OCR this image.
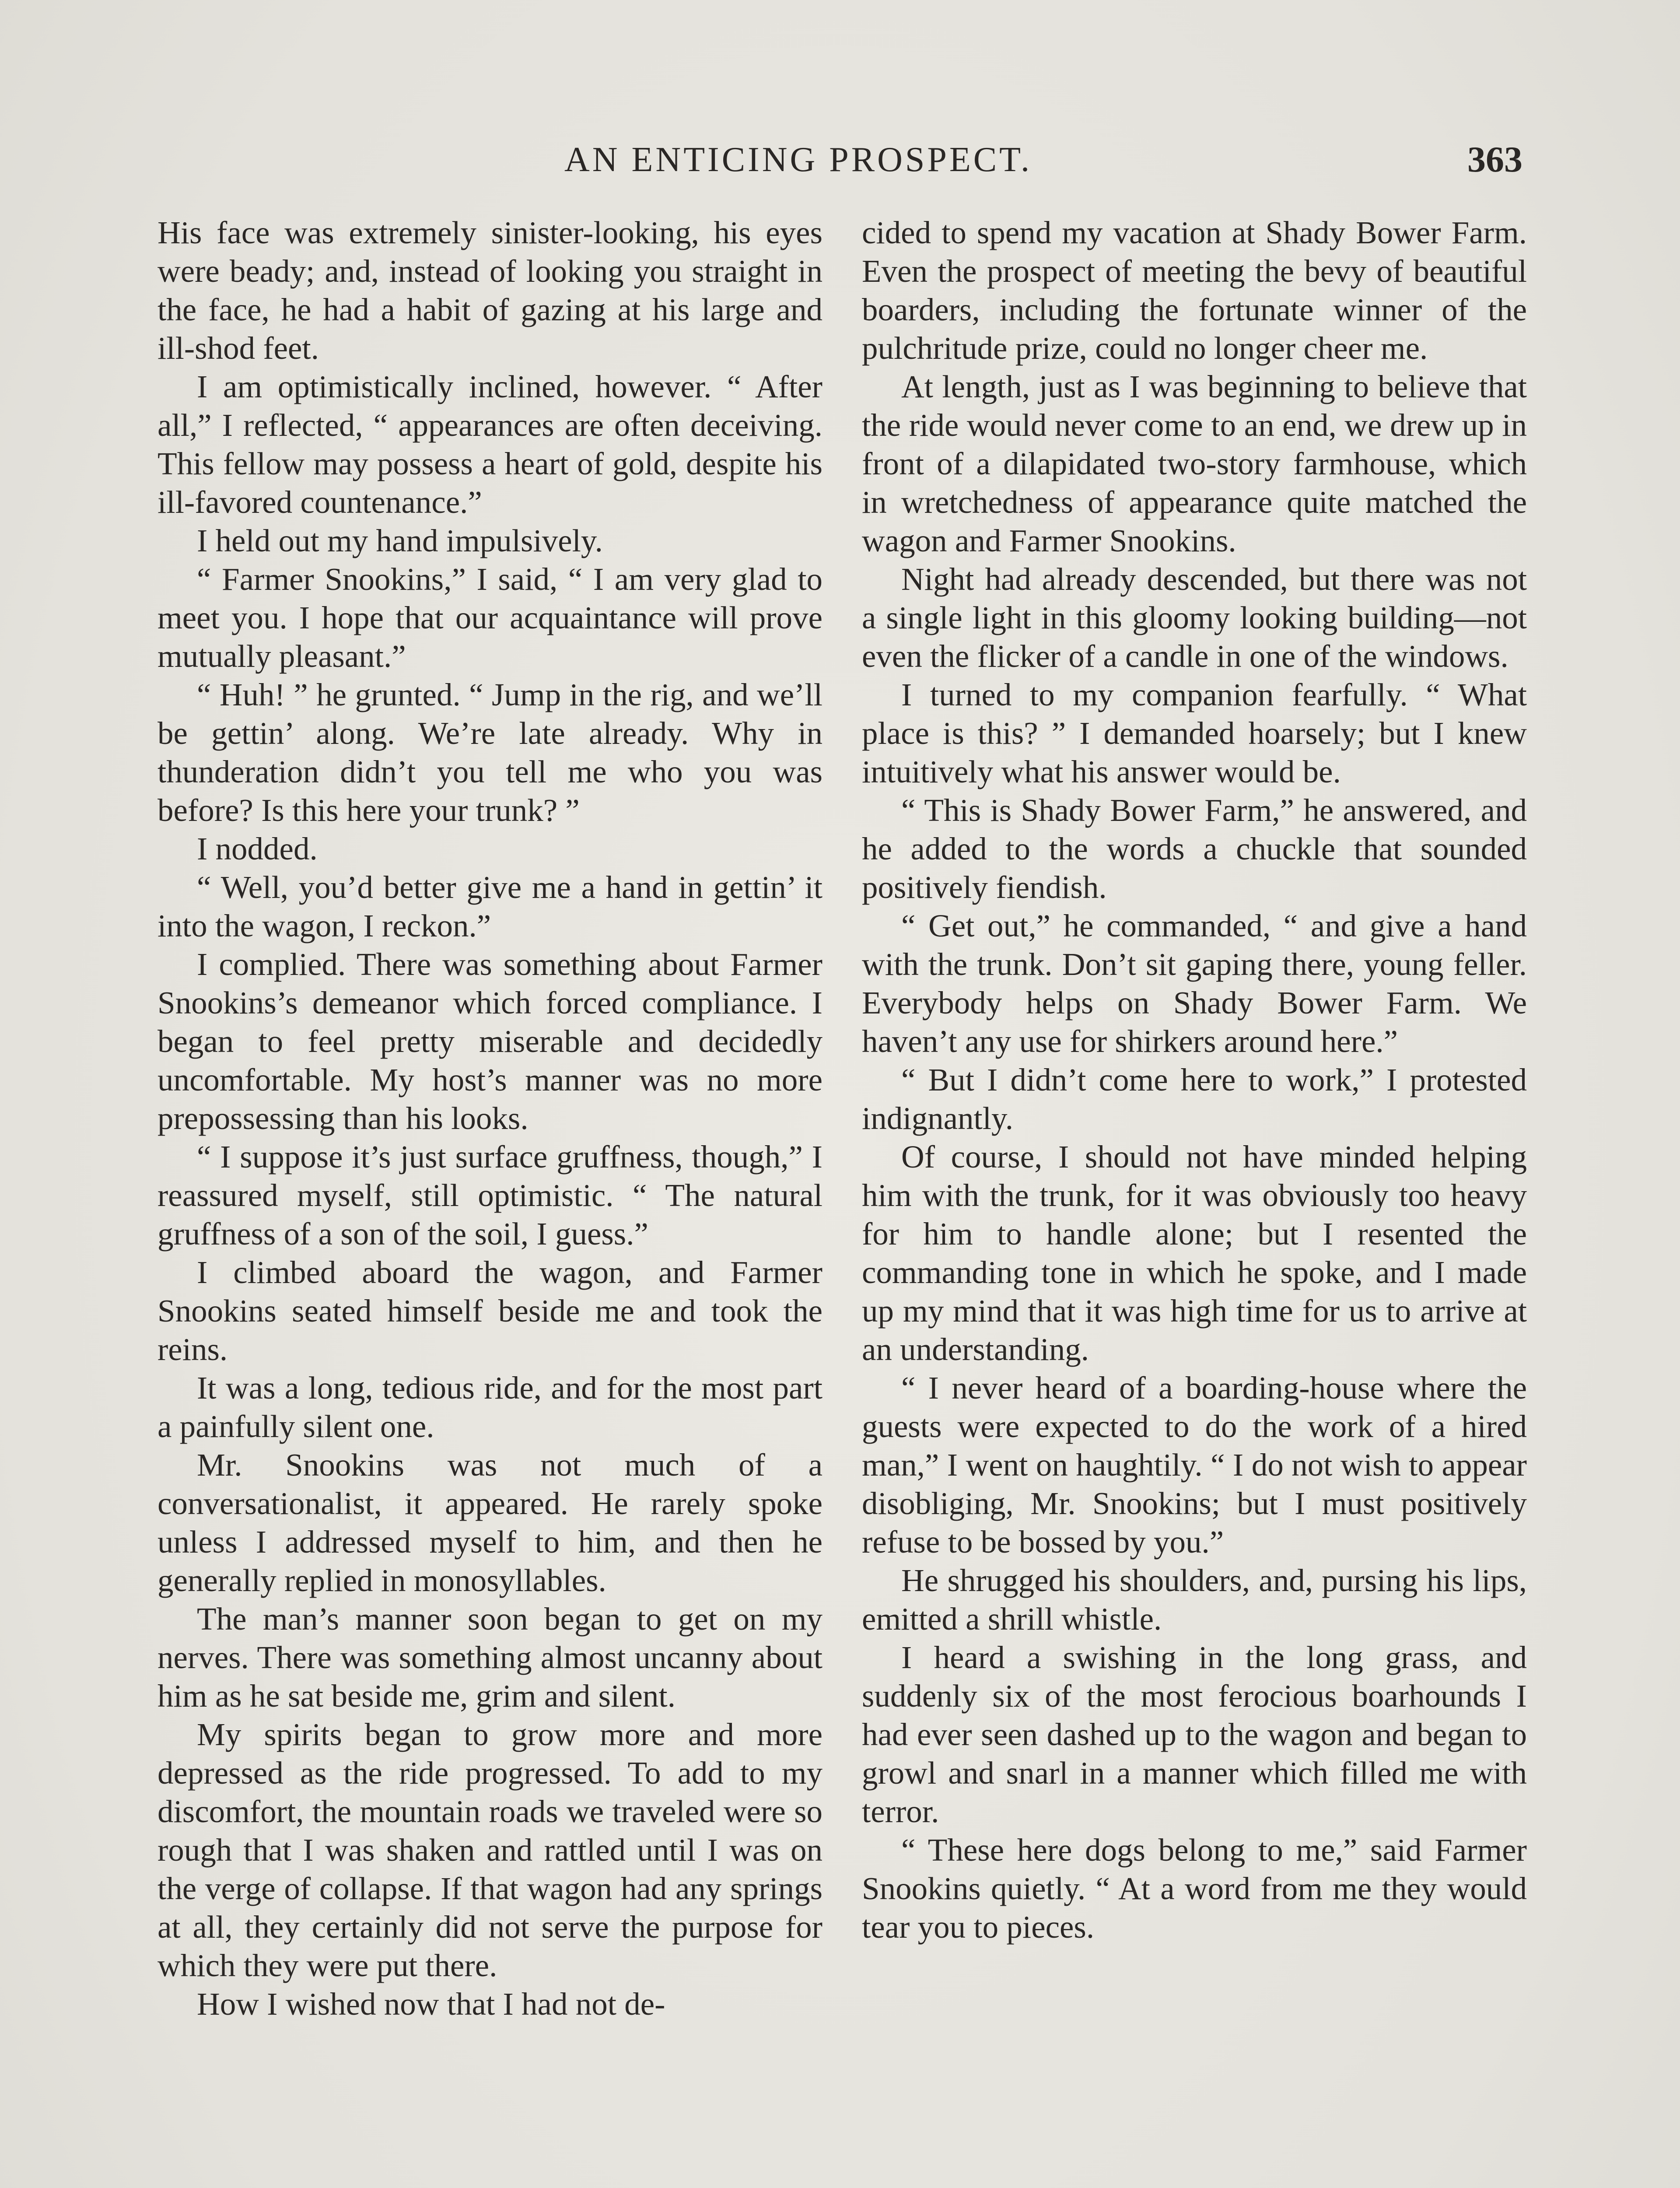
AN ENTICING PROSPECT.	363

His face was extremely sinister-looking, his eyes were beady; and, instead of looking you straight in the face, he had a habit of gazing at his large and ill-shod feet.

I am optimistically inclined, however. “ After all,” I reflected, “ appearances are often deceiving. This fellow may possess a heart of gold, despite his ill-favored countenance.”

I held out my hand impulsively.

“ Farmer Snookins,” I said, “ I am very glad to meet you. I hope that our acquaintance will prove mutually pleasant.”

“ Huh! ” he grunted. “ Jump in the rig, and we’ll be gettin’ along. We’re late already. Why in thunderation didn’t you tell me who you was before? Is this here your trunk? ”

I nodded.

“ Well, you’d better give me a hand in gettin’ it into the wagon, I reckon.”

I complied. There was something about Farmer Snookins’s demeanor which forced compliance. I began to feel pretty miserable and decidedly uncomfortable. My host’s manner was no more prepossessing than his looks.

“ I suppose it’s just surface gruffness, though,” I reassured myself, still optimistic. “ The natural gruffness of a son of the soil, I guess.”

I climbed aboard the wagon, and Farmer Snookins seated himself beside me and took the reins.

It was a long, tedious ride, and for the most part a painfully silent one.

Mr. Snookins was not much of a conversationalist, it appeared. He rarely spoke unless I addressed myself to him, and then he generally replied in monosyllables.

The man’s manner soon began to get on my nerves. There was something almost uncanny about him as he sat beside me, grim and silent.

My spirits began to grow more and more depressed as the ride progressed. To add to my discomfort, the mountain roads we traveled were so rough that I was shaken and rattled until I was on the verge of collapse. If that wagon had any springs at all, they certainly did not serve the purpose for which they were put there.

How I wished now that I had not de-

cided to spend my vacation at Shady Bower Farm. Even the prospect of meeting the bevy of beautiful boarders, including the fortunate winner of the pulchritude prize, could no longer cheer me.

At length, just as I was beginning to believe that the ride would never come to an end, we drew up in front of a dilapidated two-story farmhouse, which in wretchedness of appearance quite matched the wagon and Farmer Snookins.

Night had already descended, but there was not a single light in this gloomy looking building—not even the flicker of a candle in one of the windows.

I turned to my companion fearfully. “ What place is this? ” I demanded hoarsely; but I knew intuitively what his answer would be.

“ This is Shady Bower Farm,” he answered, and he added to the words a chuckle that sounded positively fiendish.

“ Get out,” he commanded, “ and give a hand with the trunk. Don’t sit gaping there, young feller. Everybody helps on Shady Bower Farm. We haven’t any use for shirkers around here.”

“ But I didn’t come here to work,” I protested indignantly.

Of course, I should not have minded helping him with the trunk, for it was obviously too heavy for him to handle alone; but I resented the commanding tone in which he spoke, and I made up my mind that it was high time for us to arrive at an understanding.

“ I never heard of a boarding-house where the guests were expected to do the work of a hired man,” I went on haughtily. “ I do not wish to appear disobliging, Mr. Snookins; but I must positively refuse to be bossed by you.”

He shrugged his shoulders, and, pursing his lips, emitted a shrill whistle.

I heard a swishing in the long grass, and suddenly six of the most ferocious boarhounds I had ever seen dashed up to the wagon and began to growl and snarl in a manner which filled me with terror.

“ These here dogs belong to me,” said Farmer Snookins quietly. “ At a word from me they would tear you to pieces.
